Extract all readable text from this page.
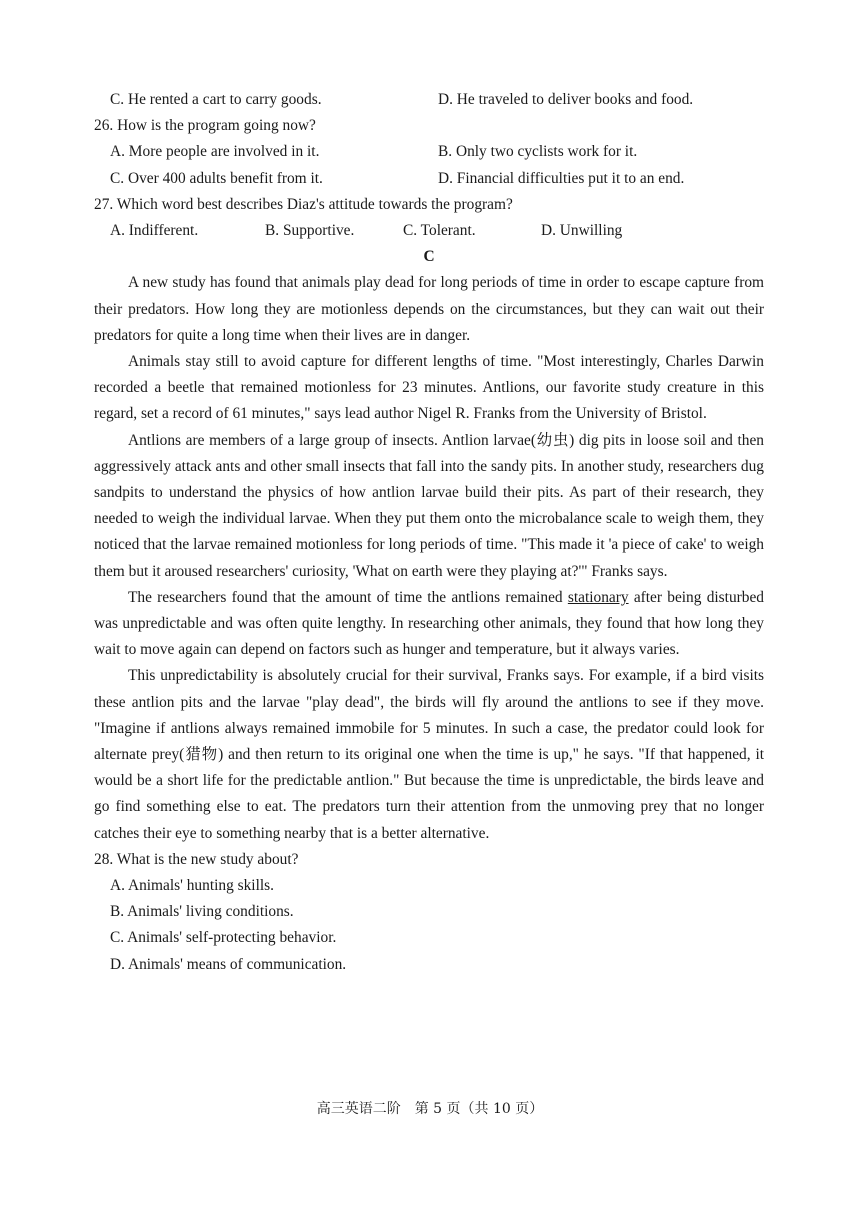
C. He rented a cart to carry goods.	D. He traveled to deliver books and food.
26. How is the program going now?
A. More people are involved in it.	B. Only two cyclists work for it.
C. Over 400 adults benefit from it.	D. Financial difficulties put it to an end.
27. Which word best describes Diaz's attitude towards the program?
A. Indifferent.	B. Supportive.	C. Tolerant.	D. Unwilling
C

A new study has found that animals play dead for long periods of time in order to escape capture from their predators. How long they are motionless depends on the circumstances, but they can wait out their predators for quite a long time when their lives are in danger.

Animals stay still to avoid capture for different lengths of time. "Most interestingly, Charles Darwin recorded a beetle that remained motionless for 23 minutes. Antlions, our favorite study creature in this regard, set a record of 61 minutes," says lead author Nigel R. Franks from the University of Bristol.

Antlions are members of a large group of insects. Antlion larvae(幼虫) dig pits in loose soil and then aggressively attack ants and other small insects that fall into the sandy pits. In another study, researchers dug sandpits to understand the physics of how antlion larvae build their pits. As part of their research, they needed to weigh the individual larvae. When they put them onto the microbalance scale to weigh them, they noticed that the larvae remained motionless for long periods of time. "This made it 'a piece of cake' to weigh them but it aroused researchers' curiosity, 'What on earth were they playing at?'" Franks says.

The researchers found that the amount of time the antlions remained stationary after being disturbed was unpredictable and was often quite lengthy. In researching other animals, they found that how long they wait to move again can depend on factors such as hunger and temperature, but it always varies.

This unpredictability is absolutely crucial for their survival, Franks says. For example, if a bird visits these antlion pits and the larvae "play dead", the birds will fly around the antlions to see if they move. "Imagine if antlions always remained immobile for 5 minutes. In such a case, the predator could look for alternate prey(猎物) and then return to its original one when the time is up," he says. "If that happened, it would be a short life for the predictable antlion." But because the time is unpredictable, the birds leave and go find something else to eat. The predators turn their attention from the unmoving prey that no longer catches their eye to something nearby that is a better alternative.

28. What is the new study about?
A. Animals' hunting skills.
B. Animals' living conditions.
C. Animals' self-protecting behavior.
D. Animals' means of communication.
高三英语二阶　第 5 页（共 10 页）
